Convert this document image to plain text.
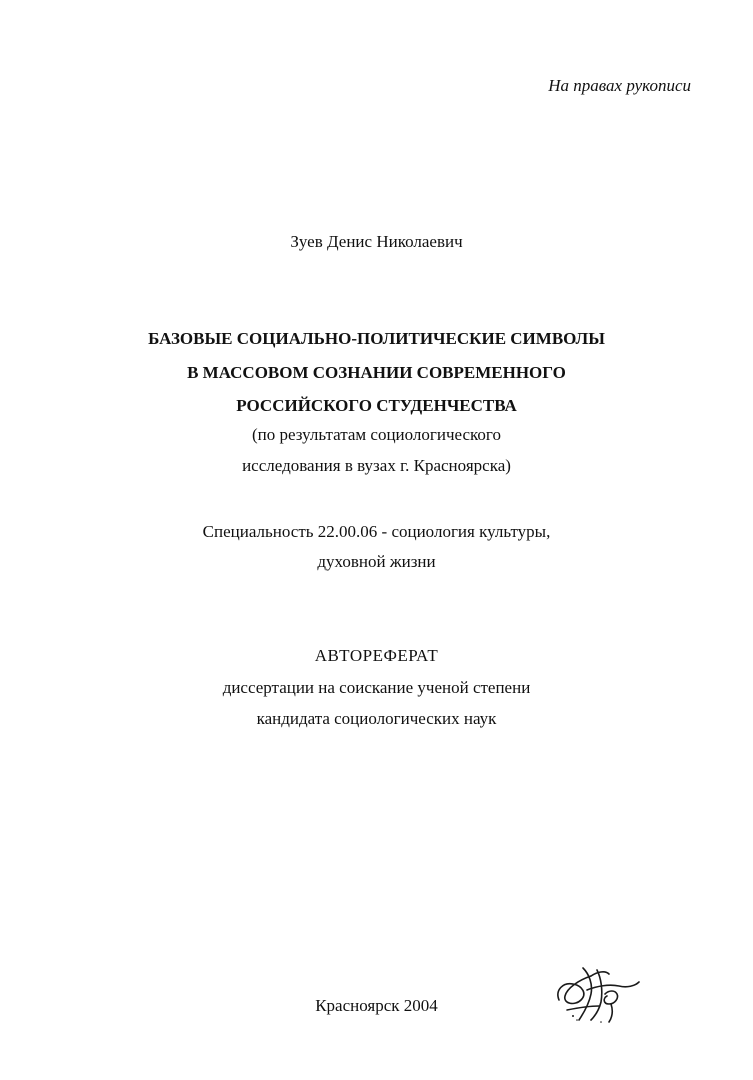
На правах рукописи

Зуев Денис Николаевич

БАЗОВЫЕ СОЦИАЛЬНО-ПОЛИТИЧЕСКИЕ СИМВОЛЫ

В МАССОВОМ СОЗНАНИИ СОВРЕМЕННОГО

РОССИЙСКОГО СТУДЕНЧЕСТВА

(по результатам социологического

исследования в вузах г. Красноярска)

Специальность 22.00.06 - социология культуры,

духовной жизни

АВТОРЕФЕРАТ

диссертации на соискание ученой степени

кандидата социологических наук

Красноярск 2004
